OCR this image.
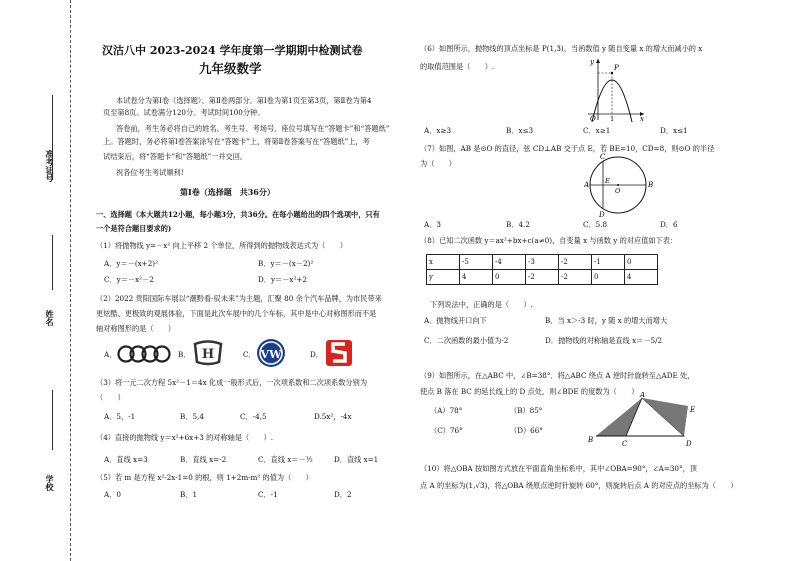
准考证号
姓名
学校
汉沽八中 2023-2024 学年度第一学期期中检测试卷
九年级数学
本试卷分为第Ⅰ卷（选择题）、第Ⅱ卷两部分。第Ⅰ卷为第1页至第3页，第Ⅱ卷为第4
页至第8页。试卷满分120分。考试时间100分钟。
答卷前，考生务必将自己的姓名、考生号、考场号、座位号填写在“答题卡”和“答题纸”
上。答题时，务必将第Ⅰ卷答案涂写在“答题卡”上，将第Ⅱ卷答案写在“答题纸”上，考
试结束后，将“答题卡”和“答题纸”一并交回。
祝各位考生考试顺利!
第Ⅰ卷（选择题　共36分）
一、选择题（本大题共12小题，每小题3分，共36分。在每小题给出的四个选项中，只有
一个是符合题目要求的)
（1）将抛物线 y=－x² 向上平移 2 个单位，所得到的抛物线表达式为（　　）
A．y＝－(x+2)²	B．y＝－(x－2)²
C．y＝－x²－2	D．y＝－x²+2
（2）2022 贵阳国际车展以“潮黔看-驭未来”为主题，汇聚 80 余个汽车品牌，为市民带来
更炫酷、更极致的观展体验，下面是此次车展中的几个车标，其中是中心对称图形而不是
轴对称图形的是（　　）
A．	B． H	C． VW	D．
（3）将一元二次方程 5x²－1＝4x 化成一般形式后，一次项系数和二次项系数分别为
（　　）
A．5，-1	B．5,4	C．-4,5	D.5x²，-4x
（4）直接的抛物线 y＝x²+6x+3 的对称轴是（　　）.
A．直线 x=3	B．直线 x=-2	C．直线 x＝－½	D．直线 x=1
（5）若 m 是方程 x²-2x-1=0 的根，则 1+2m-m² 的值为（　　）
A．0	B．1	C．-1	D．2
（6）如图所示，抛物线的顶点坐标是 P(1,3)，当函数值 y 随自变量 x 的增大而减小的 x
的取值范围是（　　）.	y
P
O 1	x
A．x≥3	B．x≤3	C．x≥1	D．x≤1
（7）如图，AB 是⊙O 的直径，弦 CD⊥AB 交于点 E，若 BE=10，CD=8，则⊙O 的半径
为（　　）
A	B
C
D
E
O
A．3	B．4.2	C．5.8	D．6
（8）已知二次函数 y＝ax²+bx+c(a≠0)，自变量 x 与函数 y 的对应值如下表：
x	-5	-4	-3	-2	-1	0
y	4	0	-2	-2	0	4
下列说法中，正确的是（　　）.
A．抛物线开口向下	B．当 x＞-3 时，y 随 x 的增大而增大
C．二次函数的最小值为-2	D．抛物线的对称轴是直线 x＝－5/2
（9）如图所示，在△ABC 中，∠B=38°．将△ABC 绕点 A 逆时针旋转至△ADE 处，
使点 B 落在 BC 的延长线上的 D 点处，则∠BDE 的度数为（　　）
（A）78°	（B）85°
（C）76°	（D）66°
A
B	C	D
E
（10）将△OBA 按如图方式放在平面直角坐标系中，其中∠OBA=90°，∠A=30°，顶
点 A 的坐标为(1,√3)，将△OBA 绕原点逆时针旋转 60°，则旋转后点 A 的对应点的坐标为（　　）
